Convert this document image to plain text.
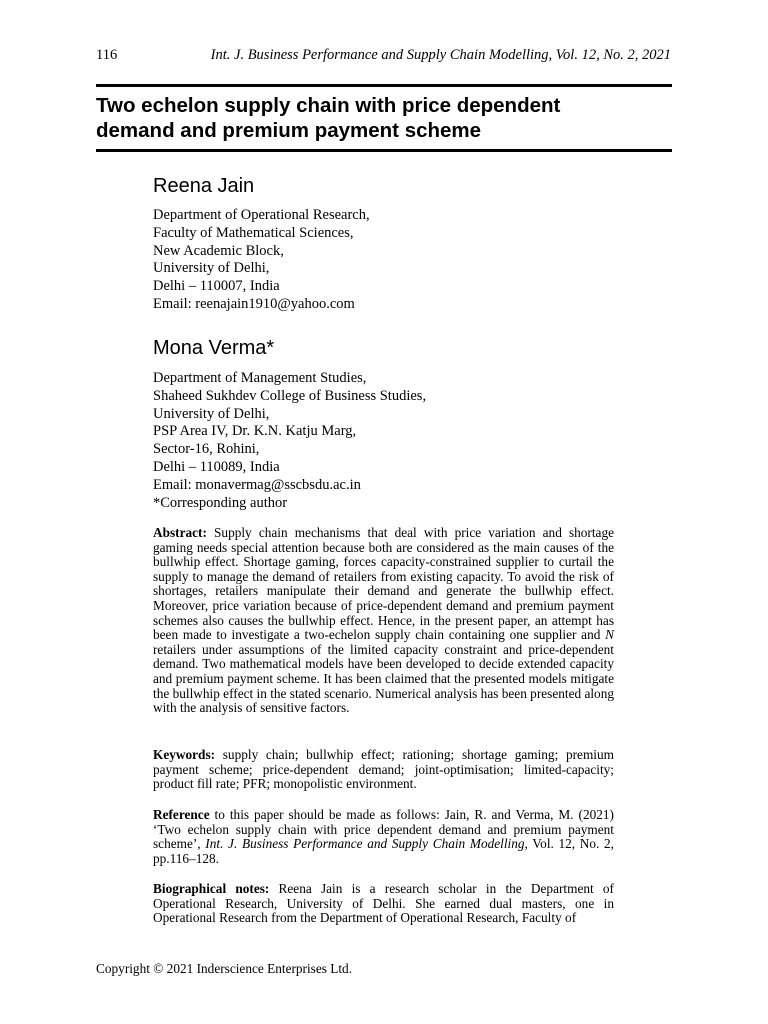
116	Int. J. Business Performance and Supply Chain Modelling, Vol. 12, No. 2, 2021
Two echelon supply chain with price dependent
demand and premium payment scheme
Reena Jain
Department of Operational Research,
Faculty of Mathematical Sciences,
New Academic Block,
University of Delhi,
Delhi – 110007, India
Email: reenajain1910@yahoo.com
Mona Verma*
Department of Management Studies,
Shaheed Sukhdev College of Business Studies,
University of Delhi,
PSP Area IV, Dr. K.N. Katju Marg,
Sector-16, Rohini,
Delhi – 110089, India
Email: monavermag@sscbsdu.ac.in
*Corresponding author
Abstract: Supply chain mechanisms that deal with price variation and shortage gaming needs special attention because both are considered as the main causes of the bullwhip effect. Shortage gaming, forces capacity-constrained supplier to curtail the supply to manage the demand of retailers from existing capacity. To avoid the risk of shortages, retailers manipulate their demand and generate the bullwhip effect. Moreover, price variation because of price-dependent demand and premium payment schemes also causes the bullwhip effect. Hence, in the present paper, an attempt has been made to investigate a two-echelon supply chain containing one supplier and N retailers under assumptions of the limited capacity constraint and price-dependent demand. Two mathematical models have been developed to decide extended capacity and premium payment scheme. It has been claimed that the presented models mitigate the bullwhip effect in the stated scenario. Numerical analysis has been presented along with the analysis of sensitive factors.
Keywords: supply chain; bullwhip effect; rationing; shortage gaming; premium payment scheme; price-dependent demand; joint-optimisation; limited-capacity; product fill rate; PFR; monopolistic environment.
Reference to this paper should be made as follows: Jain, R. and Verma, M. (2021) ‘Two echelon supply chain with price dependent demand and premium payment scheme’, Int. J. Business Performance and Supply Chain Modelling, Vol. 12, No. 2, pp.116–128.
Biographical notes: Reena Jain is a research scholar in the Department of Operational Research, University of Delhi. She earned dual masters, one in Operational Research from the Department of Operational Research, Faculty of
Copyright © 2021 Inderscience Enterprises Ltd.
